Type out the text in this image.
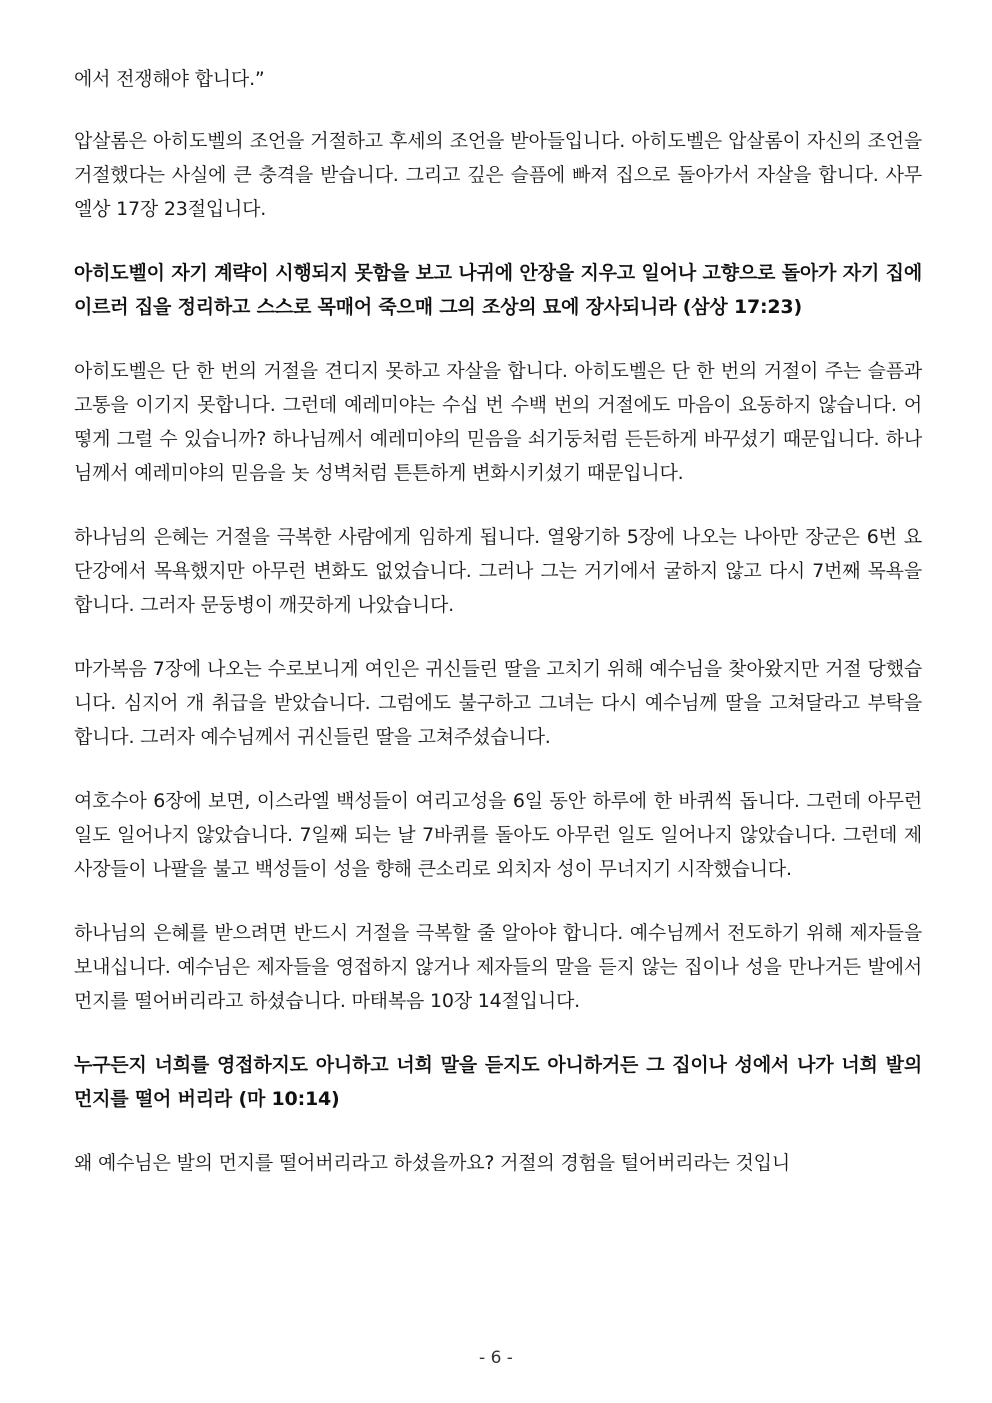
에서 전쟁해야 합니다.”

압살롬은 아히도벨의 조언을 거절하고 후세의 조언을 받아들입니다. 아히도벨은 압살롬이 자신의 조언을 거절했다는 사실에 큰 충격을 받습니다. 그리고 깊은 슬픔에 빠져 집으로 돌아가서 자살을 합니다. 사무엘상 17장 23절입니다.

아히도벨이 자기 계략이 시행되지 못함을 보고 나귀에 안장을 지우고 일어나 고향으로 돌아가 자기 집에 이르러 집을 정리하고 스스로 목매어 죽으매 그의 조상의 묘에 장사되니라 (삼상 17:23)

아히도벨은 단 한 번의 거절을 견디지 못하고 자살을 합니다. 아히도벨은 단 한 번의 거절이 주는 슬픔과 고통을 이기지 못합니다. 그런데 예레미야는 수십 번 수백 번의 거절에도 마음이 요동하지 않습니다. 어떻게 그럴 수 있습니까? 하나님께서 예레미야의 믿음을 쇠기둥처럼 든든하게 바꾸셨기 때문입니다. 하나님께서 예레미야의 믿음을 놋 성벽처럼 튼튼하게 변화시키셨기 때문입니다.

하나님의 은혜는 거절을 극복한 사람에게 임하게 됩니다. 열왕기하 5장에 나오는 나아만 장군은 6번 요단강에서 목욕했지만 아무런 변화도 없었습니다. 그러나 그는 거기에서 굴하지 않고 다시 7번째 목욕을 합니다. 그러자 문둥병이 깨끗하게 나았습니다.

마가복음 7장에 나오는 수로보니게 여인은 귀신들린 딸을 고치기 위해 예수님을 찾아왔지만 거절 당했습니다. 심지어 개 취급을 받았습니다. 그럼에도 불구하고 그녀는 다시 예수님께 딸을 고쳐달라고 부탁을 합니다. 그러자 예수님께서 귀신들린 딸을 고쳐주셨습니다.

여호수아 6장에 보면, 이스라엘 백성들이 여리고성을 6일 동안 하루에 한 바퀴씩 돕니다. 그런데 아무런 일도 일어나지 않았습니다. 7일째 되는 날 7바퀴를 돌아도 아무런 일도 일어나지 않았습니다. 그런데 제사장들이 나팔을 불고 백성들이 성을 향해 큰소리로 외치자 성이 무너지기 시작했습니다.

하나님의 은혜를 받으려면 반드시 거절을 극복할 줄 알아야 합니다. 예수님께서 전도하기 위해 제자들을 보내십니다. 예수님은 제자들을 영접하지 않거나 제자들의 말을 듣지 않는 집이나 성을 만나거든 발에서 먼지를 떨어버리라고 하셨습니다. 마태복음 10장 14절입니다.

누구든지 너희를 영접하지도 아니하고 너희 말을 듣지도 아니하거든 그 집이나 성에서 나가 너희 발의 먼지를 떨어 버리라 (마 10:14)

왜 예수님은 발의 먼지를 떨어버리라고 하셨을까요? 거절의 경험을 털어버리라는 것입니

- 6 -
